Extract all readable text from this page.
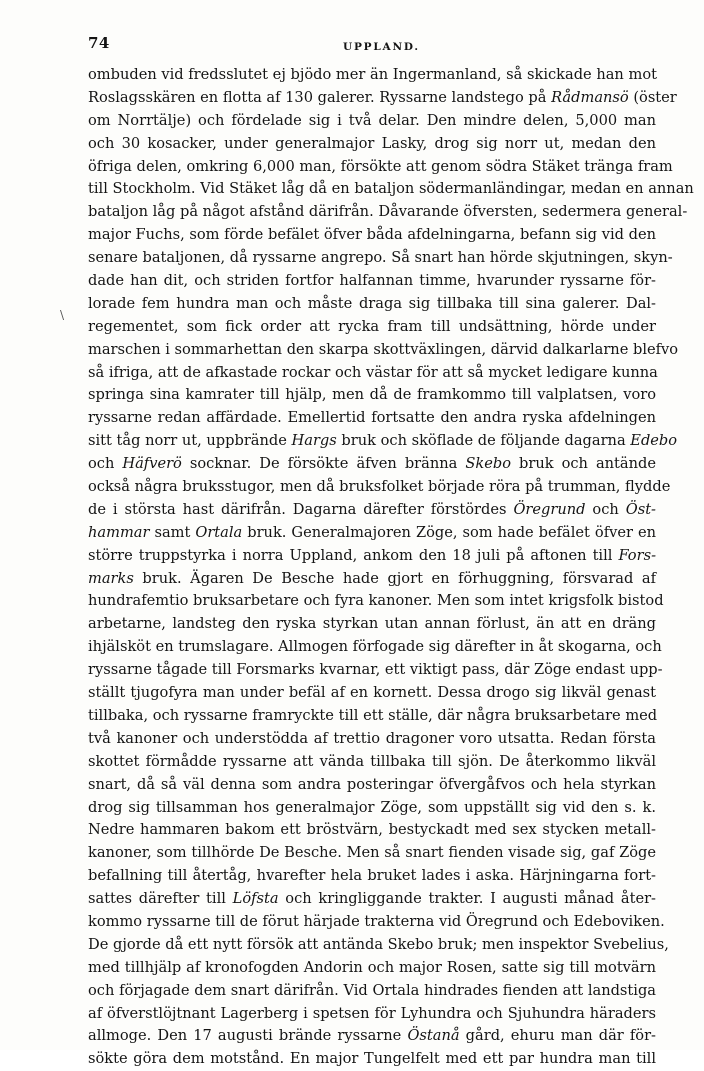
74	UPPLAND.
\
ombuden vid fredsslutet ej bjödo mer än Ingermanland, så skickade han mot
Roslagsskären en flotta af 130 galerer. Ryssarne landstego på Rådmansö (öster
om Norrtälje) och fördelade sig i två delar. Den mindre delen, 5,000 man
och 30 kosacker, under generalmajor Lasky, drog sig norr ut, medan den
öfriga delen, omkring 6,000 man, försökte att genom södra Stäket tränga fram
till Stockholm. Vid Stäket låg då en bataljon södermanländingar, medan en annan
bataljon låg på något afstånd därifrån. Dåvarande öfversten, sedermera general-
major Fuchs, som förde befälet öfver båda afdelningarna, befann sig vid den
senare bataljonen, då ryssarne angrepo. Så snart han hörde skjutningen, skyn-
dade han dit, och striden fortfor halfannan timme, hvarunder ryssarne för-
lorade fem hundra man och måste draga sig tillbaka till sina galerer. Dal-
regementet, som fick order att rycka fram till undsättning, hörde under
marschen i sommarhettan den skarpa skottväxlingen, därvid dalkarlarne blefvo
så ifriga, att de afkastade rockar och västar för att så mycket ledigare kunna
springa sina kamrater till hjälp, men då de framkommo till valplatsen, voro
ryssarne redan affärdade. Emellertid fortsatte den andra ryska afdelningen
sitt tåg norr ut, uppbrände Hargs bruk och sköflade de följande dagarna Edebo
och Häfverö socknar. De försökte äfven bränna Skebo bruk och antände
också några bruksstugor, men då bruksfolket började röra på trumman, flydde
de i största hast därifrån. Dagarna därefter förstördes Öregrund och Öst-
hammar samt Ortala bruk. Generalmajoren Zöge, som hade befälet öfver en
större truppstyrka i norra Uppland, ankom den 18 juli på aftonen till Fors-
marks bruk. Ägaren De Besche hade gjort en förhuggning, försvarad af
hundrafemtio bruksarbetare och fyra kanoner. Men som intet krigsfolk bistod
arbetarne, landsteg den ryska styrkan utan annan förlust, än att en dräng
ihjälsköt en trumslagare. Allmogen förfogade sig därefter in åt skogarna, och
ryssarne tågade till Forsmarks kvarnar, ett viktigt pass, där Zöge endast upp-
ställt tjugofyra man under befäl af en kornett. Dessa drogo sig likväl genast
tillbaka, och ryssarne framryckte till ett ställe, där några bruksarbetare med
två kanoner och understödda af trettio dragoner voro utsatta. Redan första
skottet förmådde ryssarne att vända tillbaka till sjön. De återkommo likväl
snart, då så väl denna som andra posteringar öfvergåfvos och hela styrkan
drog sig tillsamman hos generalmajor Zöge, som uppställt sig vid den s. k.
Nedre hammaren bakom ett bröstvärn, bestyckadt med sex stycken metall-
kanoner, som tillhörde De Besche. Men så snart fienden visade sig, gaf Zöge
befallning till återtåg, hvarefter hela bruket lades i aska. Härjningarna fort-
sattes därefter till Löfsta och kringliggande trakter. I augusti månad åter-
kommo ryssarne till de förut härjade trakterna vid Öregrund och Edeboviken.
De gjorde då ett nytt försök att antända Skebo bruk; men inspektor Svebelius,
med tillhjälp af kronofogden Andorin och major Rosen, satte sig till motvärn
och förjagade dem snart därifrån. Vid Ortala hindrades fienden att landstiga
af öfverstlöjtnant Lagerberg i spetsen för Lyhundra och Sjuhundra häraders
allmoge. Den 17 augusti brände ryssarne Östanå gård, ehuru man där för-
sökte göra dem motstånd. En major Tungelfelt med ett par hundra man till
